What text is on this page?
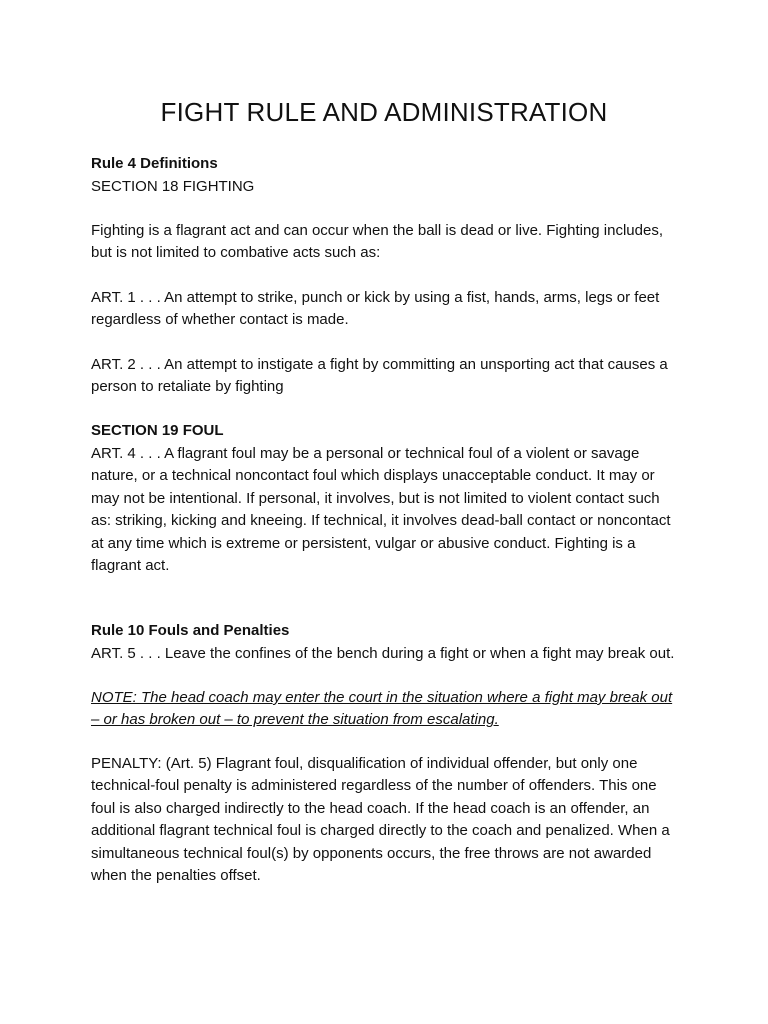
FIGHT RULE AND ADMINISTRATION

Rule 4 Definitions

SECTION 18 FIGHTING

Fighting is a flagrant act and can occur when the ball is dead or live. Fighting includes, but is not limited to combative acts such as:

ART. 1 . . . An attempt to strike, punch or kick by using a fist, hands, arms, legs or feet regardless of whether contact is made.

ART. 2 . . . An attempt to instigate a fight by committing an unsporting act that causes a person to retaliate by fighting

SECTION 19 FOUL

ART. 4 . . . A flagrant foul may be a personal or technical foul of a violent or savage nature, or a technical noncontact foul which displays unacceptable conduct. It may or may not be intentional. If personal, it involves, but is not limited to violent contact such as: striking, kicking and kneeing. If technical, it involves dead-ball contact or noncontact at any time which is extreme or persistent, vulgar or abusive conduct. Fighting is a flagrant act.

Rule 10 Fouls and Penalties

ART. 5 . . . Leave the confines of the bench during a fight or when a fight may break out.

NOTE: The head coach may enter the court in the situation where a fight may break out – or has broken out – to prevent the situation from escalating.

PENALTY: (Art. 5) Flagrant foul, disqualification of individual offender, but only one technical-foul penalty is administered regardless of the number of offenders. This one foul is also charged indirectly to the head coach. If the head coach is an offender, an additional flagrant technical foul is charged directly to the coach and penalized. When a simultaneous technical foul(s) by opponents occurs, the free throws are not awarded when the penalties offset.
